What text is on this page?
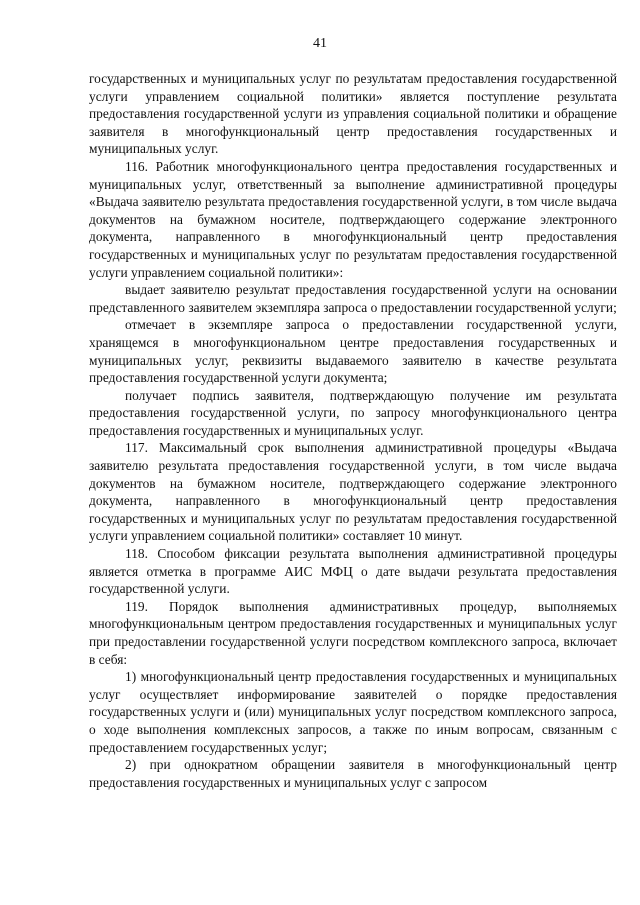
41

государственных и муниципальных услуг по результатам предоставления государственной услуги управлением социальной политики» является поступление результата предоставления государственной услуги из управления социальной политики и обращение заявителя в многофункциональный центр предоставления государственных и муниципальных услуг.

116. Работник многофункционального центра предоставления государственных и муниципальных услуг, ответственный за выполнение административной процедуры «Выдача заявителю результата предоставления государственной услуги, в том числе выдача документов на бумажном носителе, подтверждающего содержание электронного документа, направленного в многофункциональный центр предоставления государственных и муниципальных услуг по результатам предоставления государственной услуги управлением социальной политики»:

выдает заявителю результат предоставления государственной услуги на основании представленного заявителем экземпляра запроса о предоставлении государственной услуги;

отмечает в экземпляре запроса о предоставлении государственной услуги, хранящемся в многофункциональном центре предоставления государственных и муниципальных услуг, реквизиты выдаваемого заявителю в качестве результата предоставления государственной услуги документа;

получает подпись заявителя, подтверждающую получение им результата предоставления государственной услуги, по запросу многофункционального центра предоставления государственных и муниципальных услуг.

117. Максимальный срок выполнения административной процедуры «Выдача заявителю результата предоставления государственной услуги, в том числе выдача документов на бумажном носителе, подтверждающего содержание электронного документа, направленного в многофункциональный центр предоставления государственных и муниципальных услуг по результатам предоставления государственной услуги управлением социальной политики» составляет 10 минут.

118. Способом фиксации результата выполнения административной процедуры является отметка в программе АИС МФЦ о дате выдачи результата предоставления государственной услуги.

119. Порядок выполнения административных процедур, выполняемых многофункциональным центром предоставления государственных и муниципальных услуг при предоставлении государственной услуги посредством комплексного запроса, включает в себя:

1) многофункциональный центр предоставления государственных и муниципальных услуг осуществляет информирование заявителей о порядке предоставления государственных услуги и (или) муниципальных услуг посредством комплексного запроса, о ходе выполнения комплексных запросов, а также по иным вопросам, связанным с предоставлением государственных услуг;

2) при однократном обращении заявителя в многофункциональный центр предоставления государственных и муниципальных услуг с запросом
